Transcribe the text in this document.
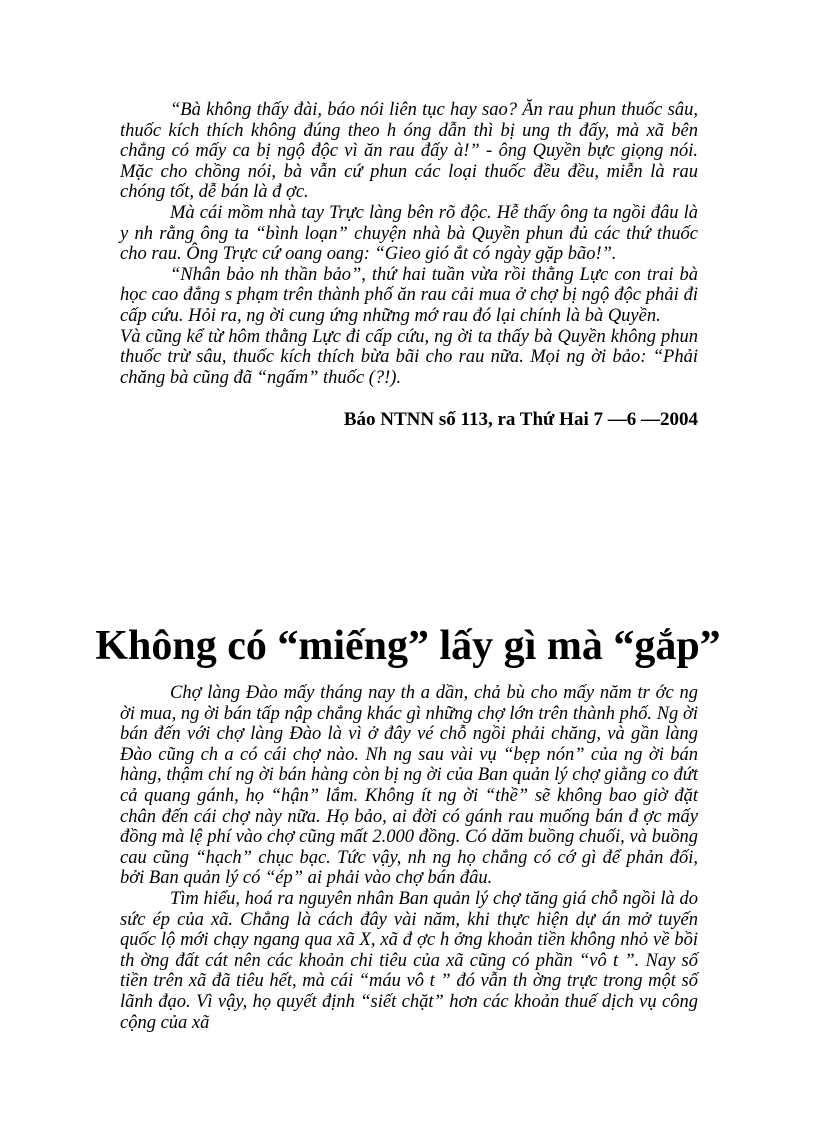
“Bà không thấy đài, báo nói liên tục hay sao? Ăn rau phun thuốc sâu, thuốc kích thích không đúng theo h óng dẫn thì bị ung th đấy, mà xã bên chẳng có mấy ca bị ngộ độc vì ăn rau đấy à!” - ông Quyền bực giọng nói. Mặc cho chồng nói, bà vẫn cứ phun các loại thuốc đều đều, miễn là rau chóng tốt, dễ bán là đ ợc.

Mà cái mồm nhà tay Trực làng bên rõ độc. Hễ thấy ông ta ngồi đâu là y nh rằng ông ta “bình loạn” chuyện nhà bà Quyền phun đủ các thứ thuốc cho rau. Ông Trực cứ oang oang: “Gieo gió ắt có ngày gặp bão!”.

“Nhân bảo nh thần bảo”, thứ hai tuần vừa rồi thằng Lực con trai bà học cao đẳng s phạm trên thành phố ăn rau cải mua ở chợ bị ngộ độc phải đi cấp cứu. Hỏi ra, ng ời cung ứng những mớ rau đó lại chính là bà Quyền.

Và cũng kể từ hôm thằng Lực đi cấp cứu, ng ời ta thấy bà Quyền không phun thuốc trừ sâu, thuốc kích thích bừa bãi cho rau nữa. Mọi ng ời bảo: “Phải chăng bà cũng đã “ngấm” thuốc (?!).

Báo NTNN số 113, ra Thứ Hai 7 —6 —2004

Không có “miếng” lấy gì mà “gắp”

Chợ làng Đào mấy tháng nay th a dần, chả bù cho mấy năm tr ớc ng ời mua, ng ời bán tấp nập chẳng khác gì những chợ lớn trên thành phố. Ng ời bán đến với chợ làng Đào là vì ở đây vé chỗ ngồi phải chăng, và gần làng Đào cũng ch a có cái chợ nào. Nh ng sau vài vụ “bẹp nón” của ng ời bán hàng, thậm chí ng ời bán hàng còn bị ng ời của Ban quản lý chợ giằng co đứt cả quang gánh, họ “hận” lắm. Không ít ng ời “thề” sẽ không bao giờ đặt chân đến cái chợ này nữa. Họ bảo, ai đời có gánh rau muống bán đ ợc mấy đồng mà lệ phí vào chợ cũng mất 2.000 đồng. Có dăm buồng chuối, và buồng cau cũng “hạch” chục bạc. Tức vậy, nh ng họ chẳng có cớ gì để phản đối, bởi Ban quản lý có “ép” ai phải vào chợ bán đâu.

Tìm hiểu, hoá ra nguyên nhân Ban quản lý chợ tăng giá chỗ ngồi là do sức ép của xã. Chẳng là cách đây vài năm, khi thực hiện dự án mở tuyến quốc lộ mới chạy ngang qua xã X, xã đ ợc h ởng khoản tiền không nhỏ về bồi th ờng đất cát nên các khoản chi tiêu của xã cũng có phần “vô t ”. Nay số tiền trên xã đã tiêu hết, mà cái “máu vô t ” đó vẫn th ờng trực trong một số lãnh đạo. Vì vậy, họ quyết định “siết chặt” hơn các khoản thuế dịch vụ công cộng của xã
